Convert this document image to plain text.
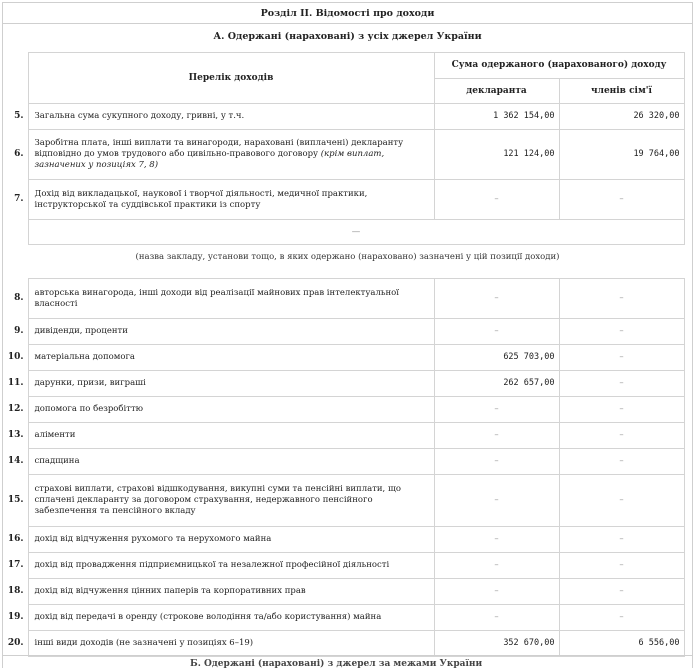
Розділ II. Відомості про доходи
А. Одержані (нараховані) з усіх джерел України
	Перелік доходів	Сума одержаного (нарахованого) доходу	
		декларанта	членів сім'ї
5.	Загальна сума сукупного доходу, гривні, у т.ч.	1 362 154,00	26 320,00
6.	Заробітна плата, інші виплати та винагороди, нараховані (виплачені) декларанту відповідно до умов трудового або цивільно-правового договору (крім виплат, зазначених у позиціях 7, 8)	121 124,00	19 764,00
7.	Дохід від викладацької, наукової і творчої діяльності, медичної практики, інструкторської та суддівської практики із спорту	–	–
	—		
(назва закладу, установи тощо, в яких одержано (нараховано) зазначені у цій позиції доходи)
8.	авторська винагорода, інші доходи від реалізації майнових прав інтелектуальної власності	–	–
9.	дивіденди, проценти	–	–
10.	матеріальна допомога	625 703,00	–
11.	дарунки, призи, виграші	262 657,00	–
12.	допомога по безробіттю	–	–
13.	аліменти	–	–
14.	спадщина	–	–
15.	страхові виплати, страхові відшкодування, викупні суми та пенсійні виплати, що сплачені декларанту за договором страхування, недержавного пенсійного забезпечення та пенсійного вкладу	–	–
16.	дохід від відчуження рухомого та нерухомого майна	–	–
17.	дохід від провадження підприємницької та незалежної професійної діяльності	–	–
18.	дохід від відчуження цінних паперів та корпоративних прав	–	–
19.	дохід від передачі в оренду (строкове володіння та/або користування) майна	–	–
20.	інші види доходів (не зазначені у позиціях 6–19)	352 670,00	6 556,00
Б. Одержані (нараховані) з джерел за межами України
